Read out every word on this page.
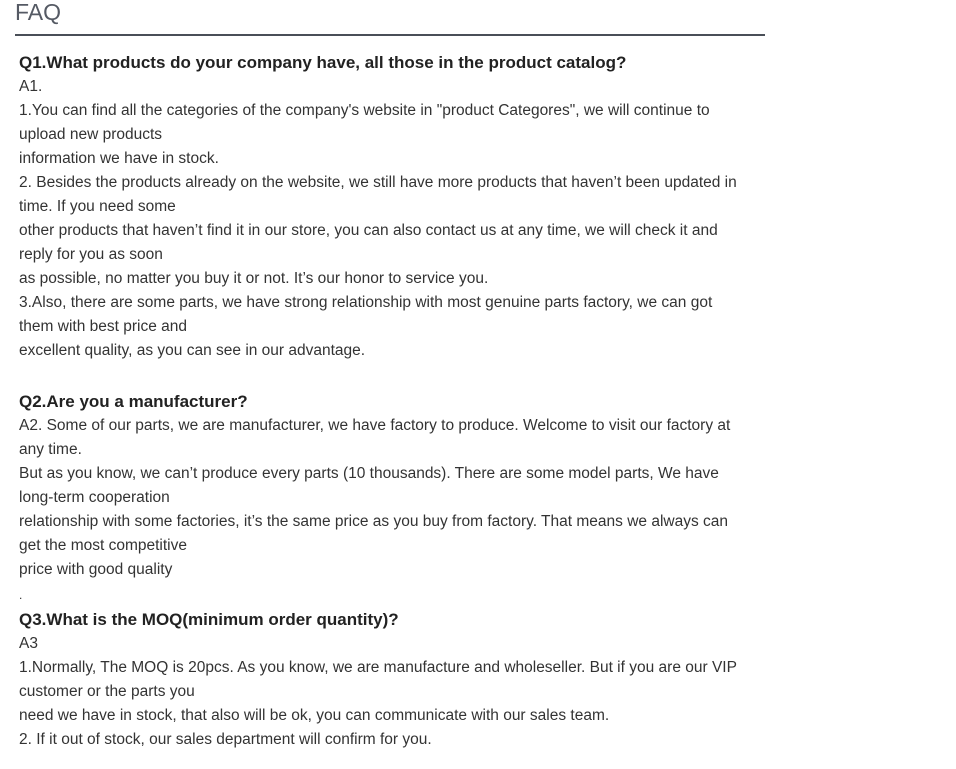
FAQ
Q1.What products do your company have, all those in the product catalog?
A1.
1.You can find all the categories of the company's website in "product Categores", we will continue to
upload new products
information we have in stock.
2. Besides the products already on the website, we still have more products that haven’t been updated in
time. If you need some
other products that haven’t find it in our store, you can also contact us at any time, we will check it and
reply for you as soon
as possible, no matter you buy it or not. It’s our honor to service you.
3.Also, there are some parts, we have strong relationship with most genuine parts factory, we can got
them with best price and
excellent quality, as you can see in our advantage.
Q2.Are you a manufacturer?
A2. Some of our parts, we are manufacturer, we have factory to produce. Welcome to visit our factory at
any time.
But as you know, we can’t produce every parts (10 thousands). There are some model parts, We have
long-term cooperation
relationship with some factories, it’s the same price as you buy from factory. That means we always can
get the most competitive
price with good quality
.
Q3.What is the MOQ(minimum order quantity)?
A3
1.Normally, The MOQ is 20pcs. As you know, we are manufacture and wholeseller. But if you are our VIP
customer or the parts you
need we have in stock, that also will be ok, you can communicate with our sales team.
2. If it out of stock, our sales department will confirm for you.
